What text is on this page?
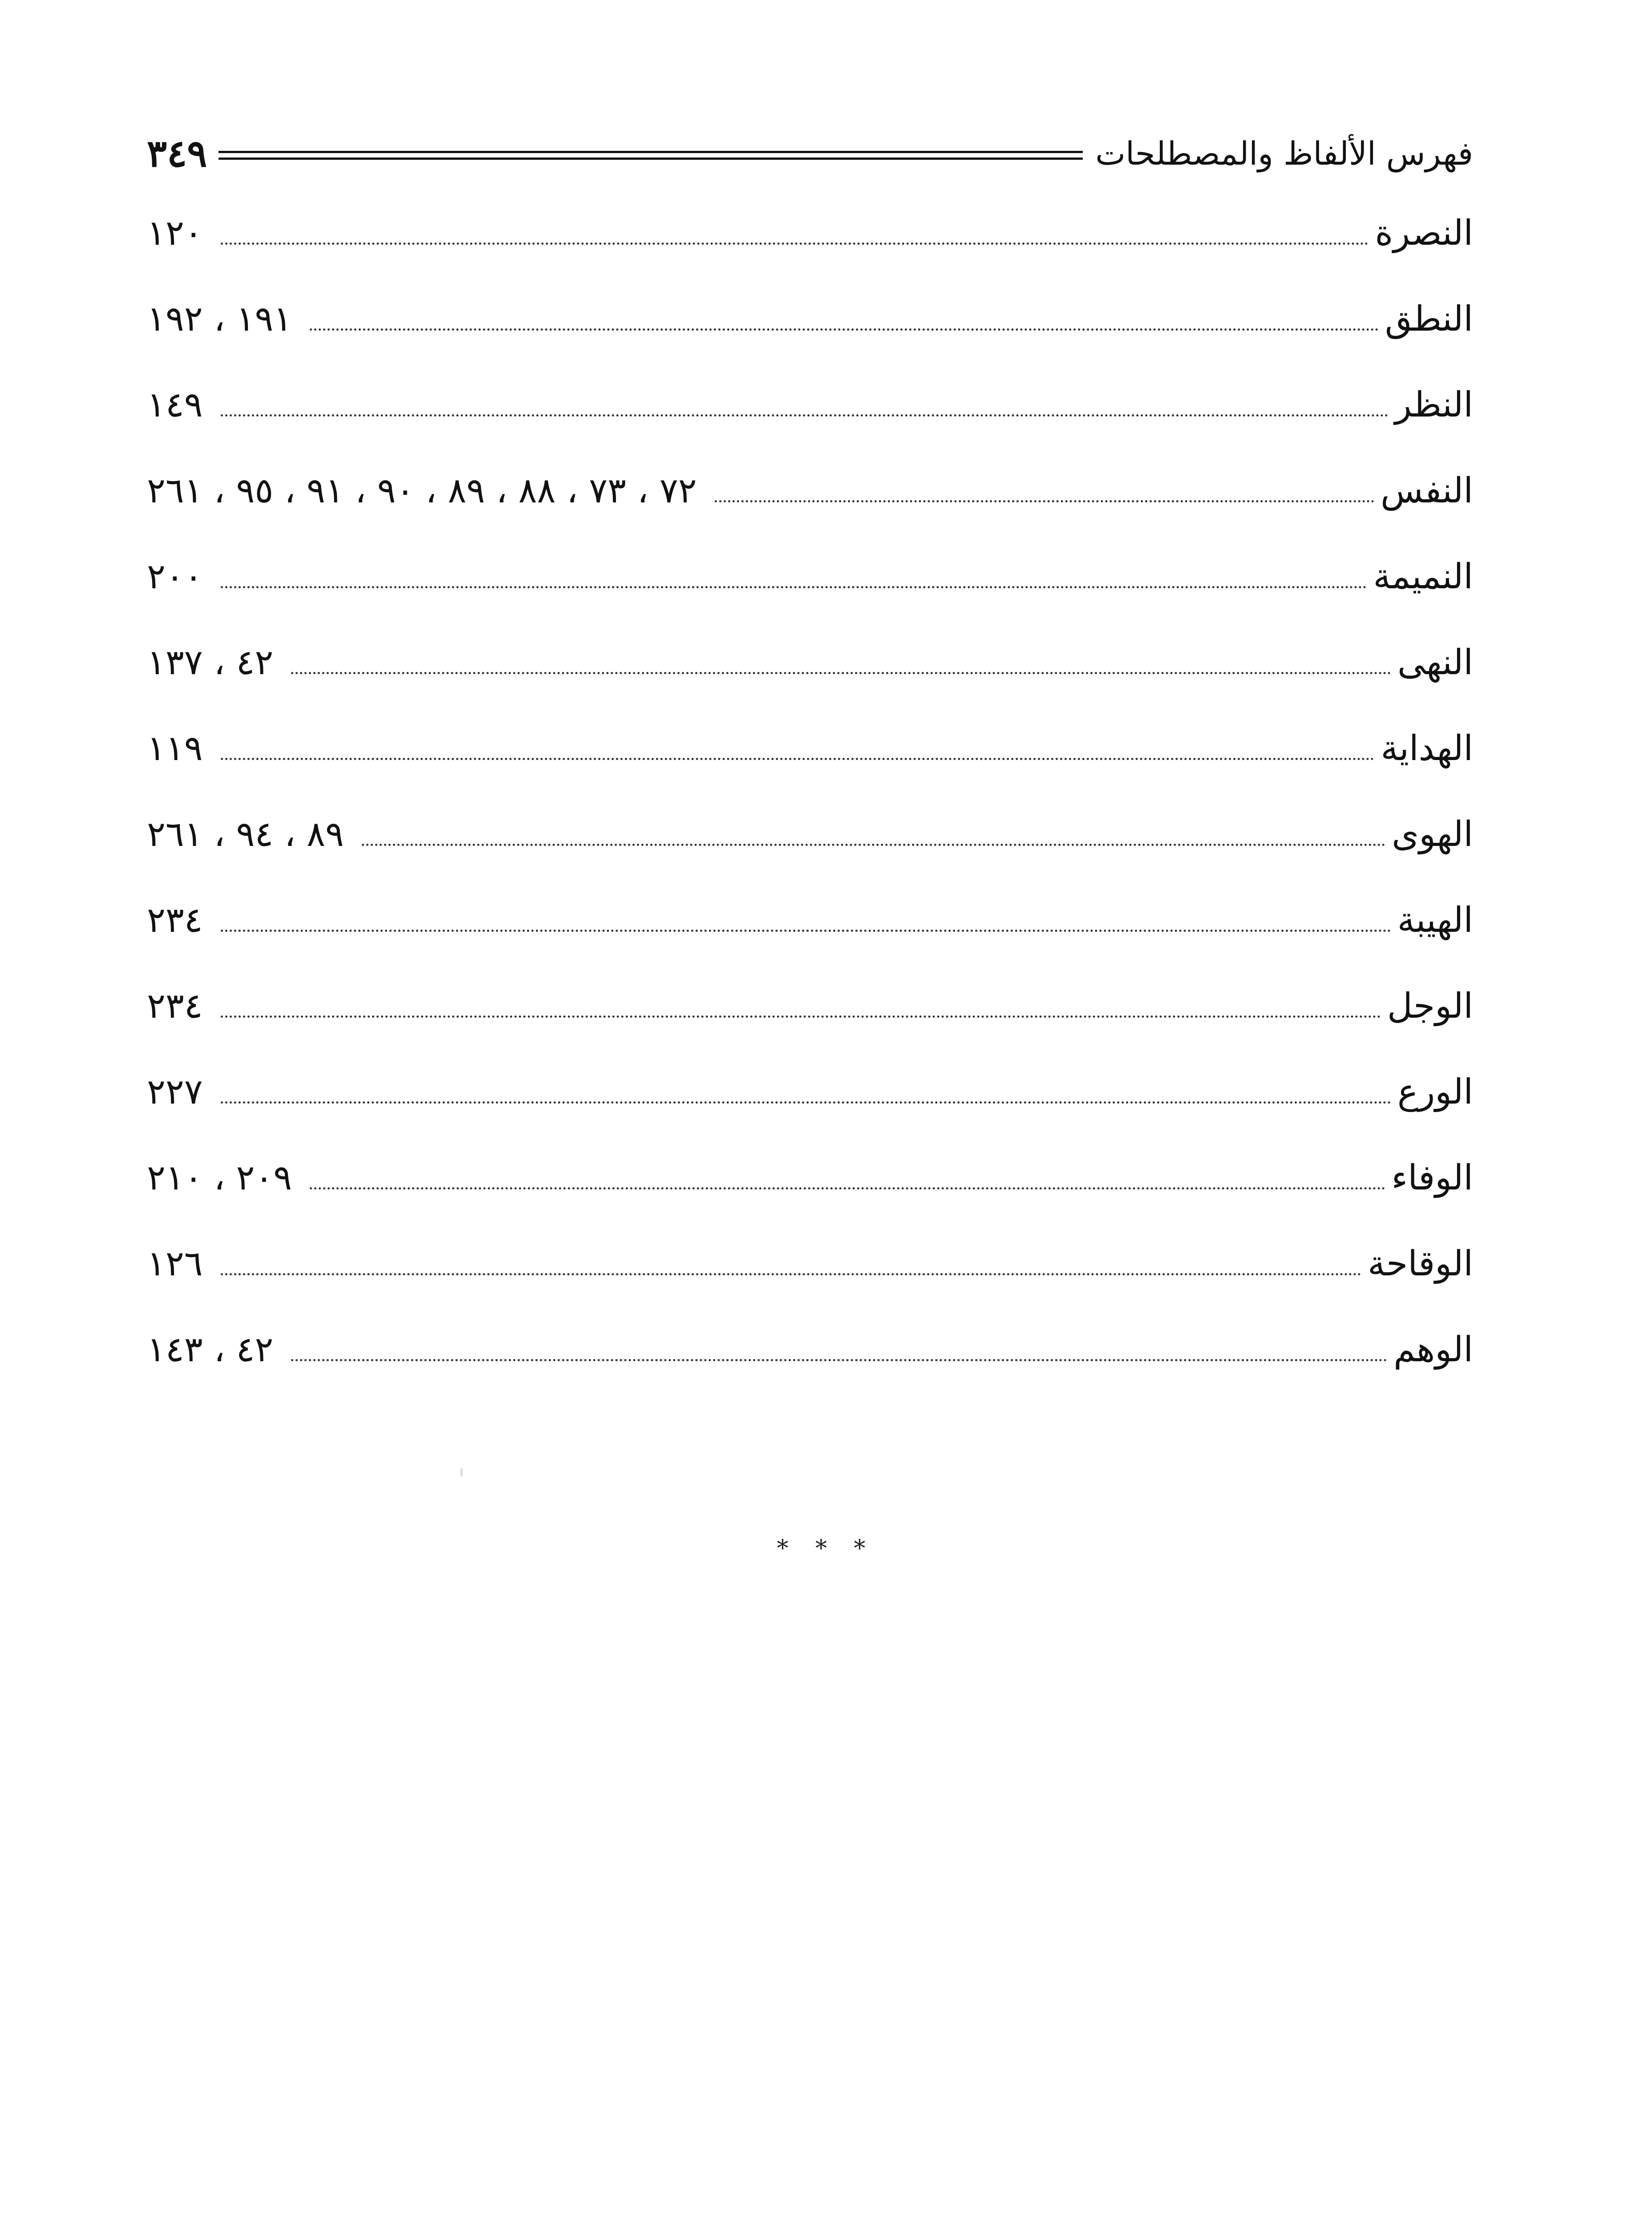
فهرس الألفاظ والمصطلحات
٣٤٩
النصرة
١٢٠
النطق
١٩١ ، ١٩٢
النظر
١٤٩
النفس
٧٢ ، ٧٣ ، ٨٨ ، ٨٩ ، ٩٠ ، ٩١ ، ٩٥ ، ٢٦١
النميمة
٢٠٠
النهى
٤٢ ، ١٣٧
الهداية
١١٩
الهوى
٨٩ ، ٩٤ ، ٢٦١
الهيبة
٢٣٤
الوجل
٢٣٤
الورع
٢٢٧
الوفاء
٢٠٩ ، ٢١٠
الوقاحة
١٢٦
الوهم
٤٢ ، ١٤٣
* * *
